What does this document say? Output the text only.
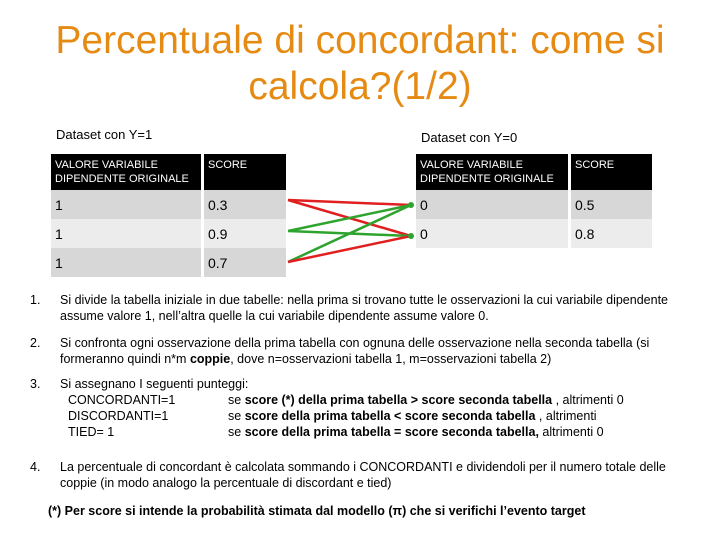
Percentuale di concordant: come si calcola?(1/2)
Dataset con Y=1	Dataset con Y=0
VALORE VARIABILE DIPENDENTE ORIGINALE	SCORE
1	0.3
1	0.9
1	0.7
VALORE VARIABILE DIPENDENTE ORIGINALE	SCORE
0	0.5
0	0.8
1. Si divide la tabella iniziale in due tabelle: nella prima si trovano tutte le osservazioni la cui variabile dipendente assume valore 1, nell’altra quelle la cui variabile dipendente assume valore 0.
2. Si confronta ogni osservazione della prima tabella con ognuna delle osservazione nella seconda tabella (si formeranno quindi n*m coppie, dove n=osservazioni tabella 1, m=osservazioni tabella 2)
3. Si assegnano I seguenti punteggi:
CONCORDANTI=1	se score (*) della prima tabella > score seconda tabella , altrimenti 0
DISCORDANTI=1	se score della prima tabella < score seconda tabella , altrimenti
TIED= 1	se score della prima tabella = score seconda tabella, altrimenti 0
4. La percentuale di concordant è calcolata sommando i CONCORDANTI e dividendoli per il numero totale delle coppie (in modo analogo la percentuale di discordant e tied)
(*) Per score si intende la probabilità stimata dal modello (π) che si verifichi l’evento target
